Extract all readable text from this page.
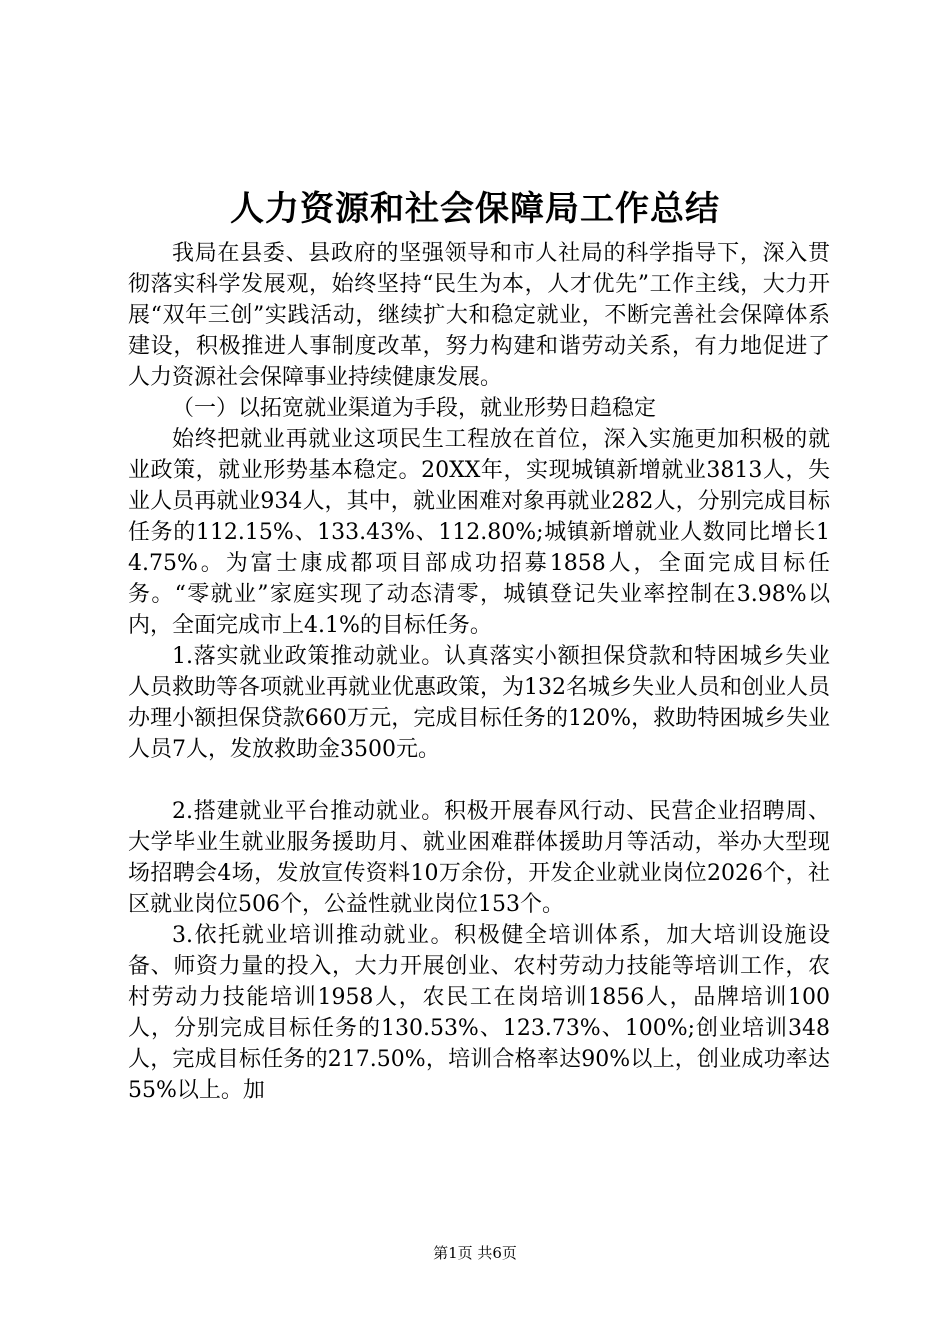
人力资源和社会保障局工作总结

我局在县委、县政府的坚强领导和市人社局的科学指导下，深入贯彻落实科学发展观，始终坚持“民生为本，人才优先”工作主线，大力开展“双年三创”实践活动，继续扩大和稳定就业，不断完善社会保障体系建设，积极推进人事制度改革，努力构建和谐劳动关系，有力地促进了人力资源社会保障事业持续健康发展。

（一）以拓宽就业渠道为手段，就业形势日趋稳定

始终把就业再就业这项民生工程放在首位，深入实施更加积极的就业政策，就业形势基本稳定。20XX年，实现城镇新增就业3813人，失业人员再就业934人，其中，就业困难对象再就业282人，分别完成目标任务的112.15%、133.43%、112.80%;城镇新增就业人数同比增长14.75%。为富士康成都项目部成功招募1858人，全面完成目标任务。“零就业”家庭实现了动态清零，城镇登记失业率控制在3.98%以内，全面完成市上4.1%的目标任务。

1.落实就业政策推动就业。认真落实小额担保贷款和特困城乡失业人员救助等各项就业再就业优惠政策，为132名城乡失业人员和创业人员办理小额担保贷款660万元，完成目标任务的120%，救助特困城乡失业人员7人，发放救助金3500元。

2.搭建就业平台推动就业。积极开展春风行动、民营企业招聘周、大学毕业生就业服务援助月、就业困难群体援助月等活动，举办大型现场招聘会4场，发放宣传资料10万余份，开发企业就业岗位2026个，社区就业岗位506个，公益性就业岗位153个。

3.依托就业培训推动就业。积极健全培训体系，加大培训设施设备、师资力量的投入，大力开展创业、农村劳动力技能等培训工作，农村劳动力技能培训1958人，农民工在岗培训1856人，品牌培训100人，分别完成目标任务的130.53%、123.73%、100%;创业培训348人，完成目标任务的217.50%，培训合格率达90%以上，创业成功率达55%以上。加

第1页 共6页
